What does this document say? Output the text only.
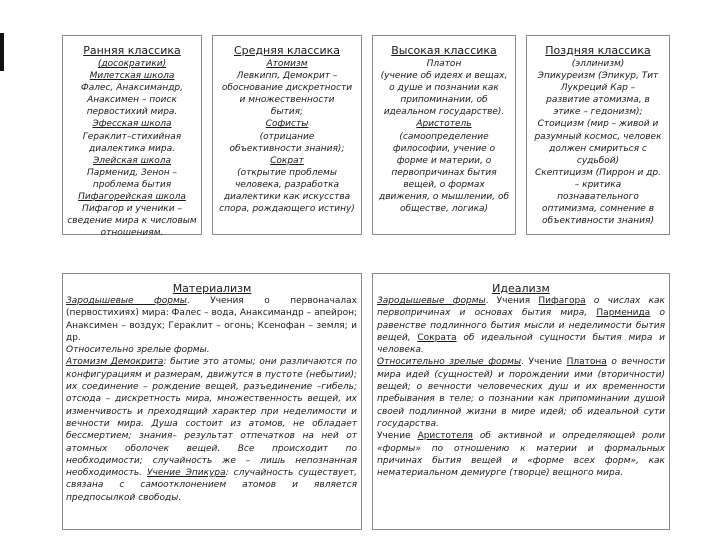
Ранняя классика

(досократики)

Милетская школа

Фалес, Анаксимандр,

Анаксимен – поиск

первостихий мира.

Эфесская школа

Гераклит–стихийная

диалектика мира.

Элейская школа

Парменид, Зенон –

проблема бытия

Пифагорейская школа

Пифагор и ученики –

сведение мира к числовым

отношениям.

Средняя классика

Атомизм

Левкипп, Демокрит –

обоснование дискретности

и множественности

бытия;

Софисты

(отрицание

объективности знания);

Сократ

(открытие проблемы

человека, разработка

диалектики как искусства

спора, рождающего истину)

Высокая классика

Платон

(учение об идеях и вещах,

о душе и познании как

припоминании, об

идеальном государстве).

Аристотель

(самоопределение

философии, учение о

форме и материи, о

первопричинах бытия

вещей, о формах

движения, о мышлении, об

обществе, логика)

Поздняя классика

(эллинизм)

Эпикуреизм (Эпикур, Тит

Лукреций Кар –

развитие атомизма, в

этике – гедонизм);

Стоицизм (мир – живой и

разумный космос, человек

должен смириться с

судьбой)

Скептицизм (Пиррон и др.

– критика

познавательного

оптимизма, сомнение в

объективности знания)

Материализм

Зародышевые формы. Учения о первоначалах (первостихиях) мира: Фалес – вода, Анаксимандр – апейрон; Анаксимен – воздух; Гераклит – огонь; Ксенофан – земля; и др.

Относительно зрелые формы.

Атомизм Демокрита: бытие это атомы; они различаются по конфигурациям и размерам, движутся в пустоте (небытии); их соединение – рождение вещей, разъединение –гибель; отсюда – дискретность мира, множественность вещей, их изменчивость и преходящий характер при неделимости и вечности мира. Душа состоит из атомов, не обладает бессмертием; знания– результат отпечатков на ней от атомных оболочек вещей. Все происходит по необходимости; случайность же – лишь непознанная необходимость. Учение Эпикура: случайность существует, связана с самоотклонением атомов и является предпосылкой свободы.

Идеализм

Зародышевые формы. Учения Пифагора о числах как первопричинах и основах бытия мира, Парменида о равенстве подлинного бытия мысли и неделимости бытия вещей, Сократа об идеальной сущности бытия мира и человека.

Относительно зрелые формы. Учение Платона о вечности мира идей (сущностей) и порождении ими (вторичности) вещей; о вечности человеческих душ и их временности пребывания в теле; о познании как припоминании душой своей подлинной жизни в мире идей; об идеальной сути государства.

Учение Аристотеля об активной и определяющей роли «формы» по отношению к материи и формальных причинах бытия вещей и «форме всех форм», как нематериальном демиурге (творце) вещного мира.
